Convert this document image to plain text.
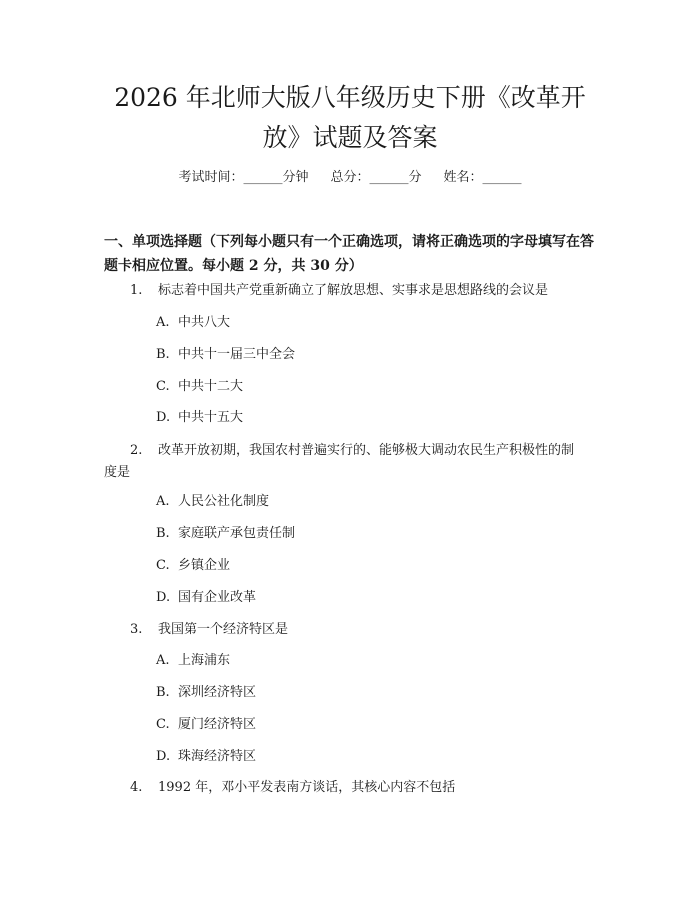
2026 年北师大版八年级历史下册《改革开
放》试题及答案
考试时间：______分钟 总分：______分 姓名：______
一、单项选择题（下列每小题只有一个正确选项，请将正确选项的字母填写在答
题卡相应位置。每小题 2 分，共 30 分）
1. 标志着中国共产党重新确立了解放思想、实事求是思想路线的会议是
A. 中共八大
B. 中共十一届三中全会
C. 中共十二大
D. 中共十五大
2. 改革开放初期，我国农村普遍实行的、能够极大调动农民生产积极性的制
度是
A. 人民公社化制度
B. 家庭联产承包责任制
C. 乡镇企业
D. 国有企业改革
3. 我国第一个经济特区是
A. 上海浦东
B. 深圳经济特区
C. 厦门经济特区
D. 珠海经济特区
4. 1992 年，邓小平发表南方谈话，其核心内容不包括
